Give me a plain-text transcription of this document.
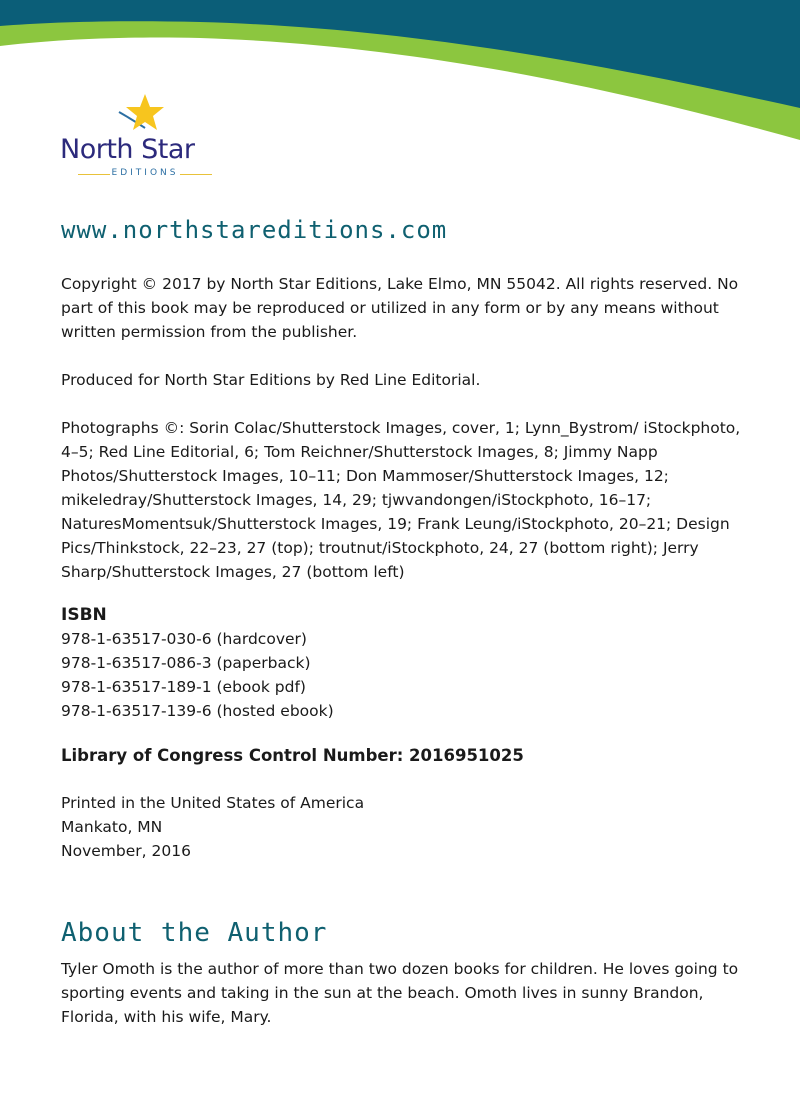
North Star
EDITIONS
www.northstareditions.com

Copyright © 2017 by North Star Editions, Lake Elmo, MN 55042. All rights reserved. No part of this book may be reproduced or utilized in any form or by any means without written permission from the publisher.

Produced for North Star Editions by Red Line Editorial.

Photographs ©: Sorin Colac/Shutterstock Images, cover, 1; Lynn_Bystrom/ iStockphoto, 4–5; Red Line Editorial, 6; Tom Reichner/Shutterstock Images, 8; Jimmy Napp Photos/Shutterstock Images, 10–11; Don Mammoser/Shutterstock Images, 12; mikeledray/Shutterstock Images, 14, 29; tjwvandongen/iStockphoto, 16–17; NaturesMomentsuk/Shutterstock Images, 19; Frank Leung/iStockphoto, 20–21; Design Pics/Thinkstock, 22–23, 27 (top); troutnut/iStockphoto, 24, 27 (bottom right); Jerry Sharp/Shutterstock Images, 27 (bottom left)

ISBN
978-1-63517-030-6 (hardcover)
978-1-63517-086-3 (paperback)
978-1-63517-189-1 (ebook pdf)
978-1-63517-139-6 (hosted ebook)
Library of Congress Control Number: 2016951025
Printed in the United States of America
Mankato, MN
November, 2016
About the Author

Tyler Omoth is the author of more than two dozen books for children. He loves going to sporting events and taking in the sun at the beach. Omoth lives in sunny Brandon, Florida, with his wife, Mary.
